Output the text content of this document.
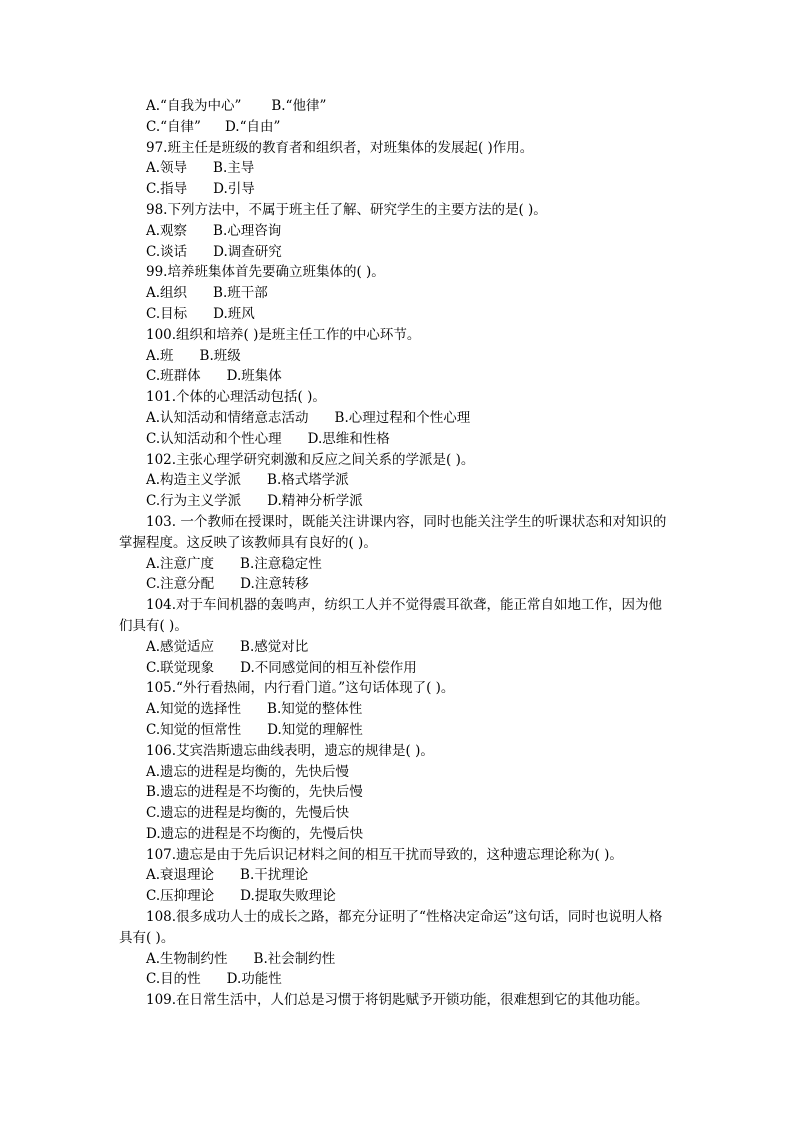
A.“自我为中心” B.“他律”
C.“自律” D.“自由”
97.班主任是班级的教育者和组织者，对班集体的发展起( )作用。
A.领导 B.主导
C.指导 D.引导
98.下列方法中，不属于班主任了解、研究学生的主要方法的是( )。
A.观察 B.心理咨询
C.谈话 D.调查研究
99.培养班集体首先要确立班集体的( )。
A.组织 B.班干部
C.目标 D.班风
100.组织和培养( )是班主任工作的中心环节。
A.班 B.班级
C.班群体 D.班集体
101.个体的心理活动包括( )。
A.认知活动和情绪意志活动 B.心理过程和个性心理
C.认知活动和个性心理 D.思维和性格
102.主张心理学研究刺激和反应之间关系的学派是( )。
A.构造主义学派 B.格式塔学派
C.行为主义学派 D.精神分析学派
103. 一个教师在授课时，既能关注讲课内容，同时也能关注学生的听课状态和对知识的掌握程度。这反映了该教师具有良好的( )。
A.注意广度 B.注意稳定性
C.注意分配 D.注意转移
104.对于车间机器的轰鸣声，纺织工人并不觉得震耳欲聋，能正常自如地工作，因为他们具有( )。
A.感觉适应 B.感觉对比
C.联觉现象 D.不同感觉间的相互补偿作用
105.“外行看热闹，内行看门道。”这句话体现了( )。
A.知觉的选择性 B.知觉的整体性
C.知觉的恒常性 D.知觉的理解性
106.艾宾浩斯遗忘曲线表明，遗忘的规律是( )。
A.遗忘的进程是均衡的，先快后慢
B.遗忘的进程是不均衡的，先快后慢
C.遗忘的进程是均衡的，先慢后快
D.遗忘的进程是不均衡的，先慢后快
107.遗忘是由于先后识记材料之间的相互干扰而导致的，这种遗忘理论称为( )。
A.衰退理论 B.干扰理论
C.压抑理论 D.提取失败理论
108.很多成功人士的成长之路，都充分证明了“性格决定命运”这句话，同时也说明人格具有( )。
A.生物制约性 B.社会制约性
C.目的性 D.功能性
109.在日常生活中，人们总是习惯于将钥匙赋予开锁功能，很难想到它的其他功能。
